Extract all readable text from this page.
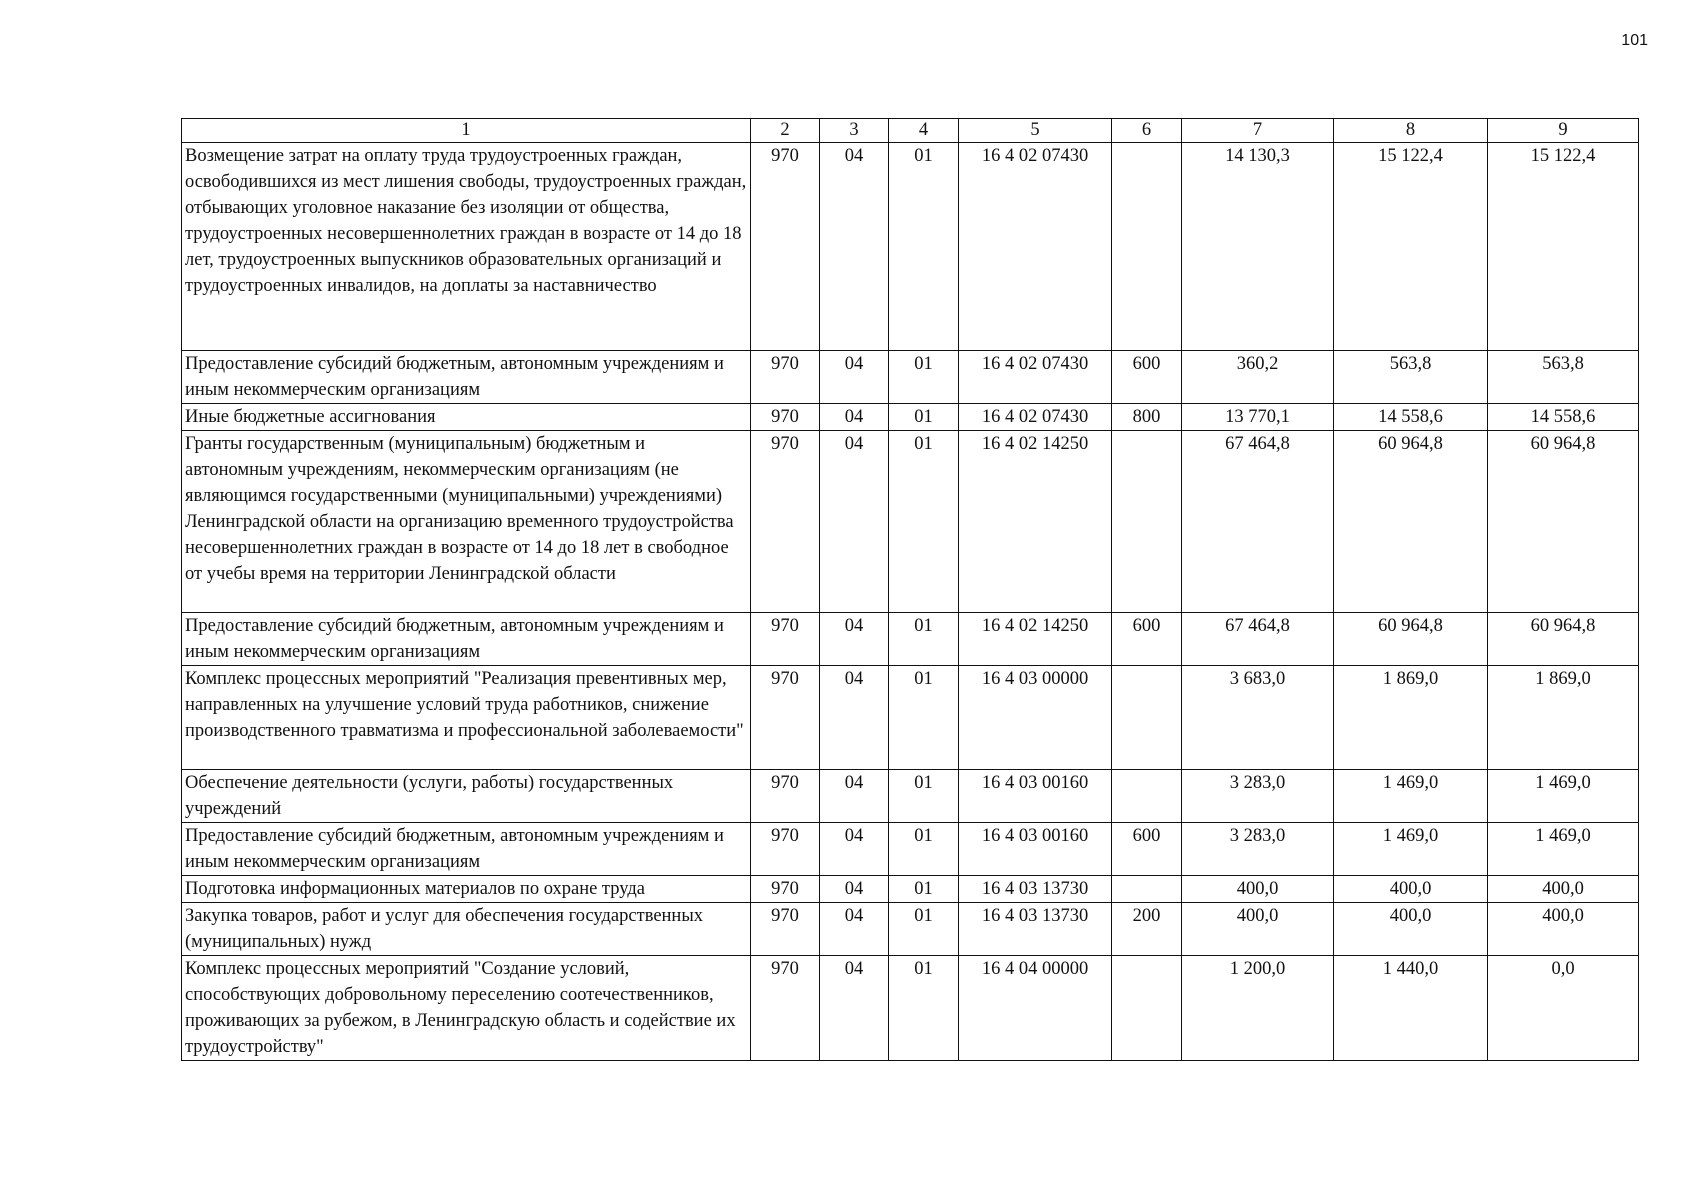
101
1	2	3	4	5	6	7	8	9
Возмещение затрат на оплату труда трудоустроенных граждан, освободившихся из мест лишения свободы, трудоустроенных граждан, отбывающих уголовное наказание без изоляции от общества, трудоустроенных несовершеннолетних граждан в возрасте от 14 до 18 лет, трудоустроенных выпускников образовательных организаций и трудоустроенных инвалидов, на доплаты за наставничество	970	04	01	16 4 02 07430		14 130,3	15 122,4	15 122,4
Предоставление субсидий бюджетным, автономным учреждениям и иным некоммерческим организациям	970	04	01	16 4 02 07430	600	360,2	563,8	563,8
Иные бюджетные ассигнования	970	04	01	16 4 02 07430	800	13 770,1	14 558,6	14 558,6
Гранты государственным (муниципальным) бюджетным и автономным учреждениям, некоммерческим организациям (не являющимся государственными (муниципальными) учреждениями) Ленинградской области на организацию временного трудоустройства несовершеннолетних граждан в возрасте от 14 до 18 лет в свободное от учебы время на территории Ленинградской области	970	04	01	16 4 02 14250		67 464,8	60 964,8	60 964,8
Предоставление субсидий бюджетным, автономным учреждениям и иным некоммерческим организациям	970	04	01	16 4 02 14250	600	67 464,8	60 964,8	60 964,8
Комплекс процессных мероприятий "Реализация превентивных мер, направленных на улучшение условий труда работников, снижение производственного травматизма и профессиональной заболеваемости"	970	04	01	16 4 03 00000		3 683,0	1 869,0	1 869,0
Обеспечение деятельности (услуги, работы) государственных учреждений	970	04	01	16 4 03 00160		3 283,0	1 469,0	1 469,0
Предоставление субсидий бюджетным, автономным учреждениям и иным некоммерческим организациям	970	04	01	16 4 03 00160	600	3 283,0	1 469,0	1 469,0
Подготовка информационных материалов по охране труда	970	04	01	16 4 03 13730		400,0	400,0	400,0
Закупка товаров, работ и услуг для обеспечения государственных (муниципальных) нужд	970	04	01	16 4 03 13730	200	400,0	400,0	400,0
Комплекс процессных мероприятий "Создание условий, способствующих добровольному переселению соотечественников, проживающих за рубежом, в Ленинградскую область и содействие их трудоустройству"	970	04	01	16 4 04 00000		1 200,0	1 440,0	0,0
